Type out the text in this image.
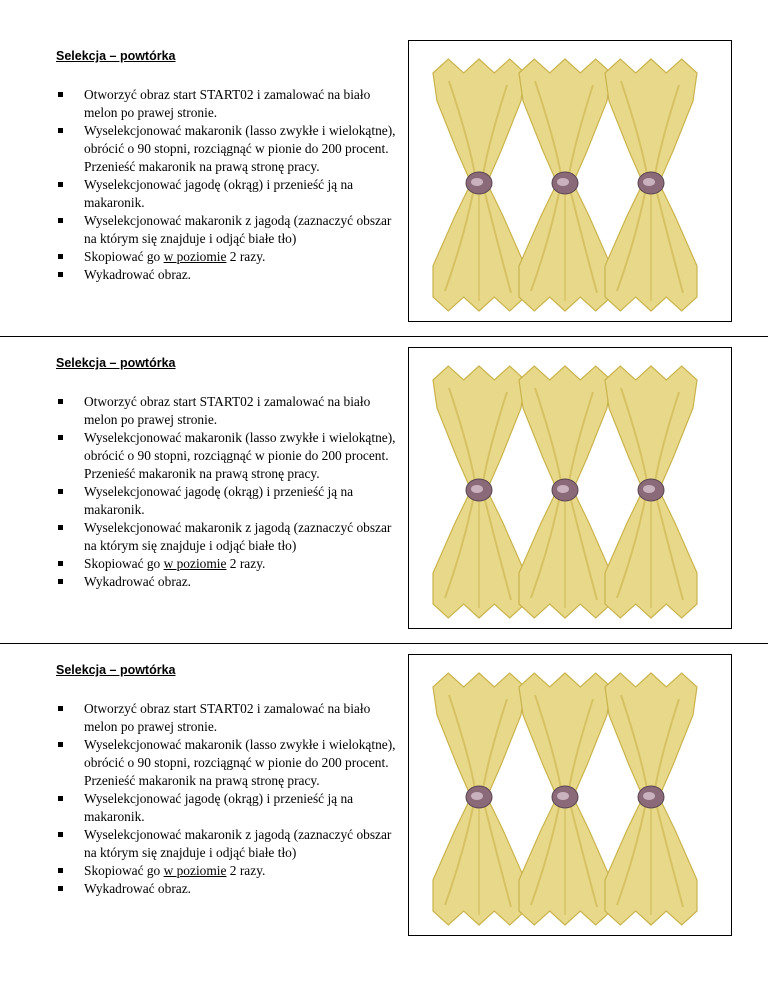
Selekcja – powtórka
Otworzyć obraz start START02 i zamalować na biało melon po prawej stronie.
Wyselekcjonować makaronik (lasso zwykłe i wielokątne), obrócić o 90 stopni, rozciągnąć w pionie do 200 procent. Przenieść makaronik na prawą stronę pracy.
Wyselekcjonować jagodę (okrąg) i przenieść ją na makaronik.
Wyselekcjonować makaronik z jagodą (zaznaczyć obszar na którym się znajduje i odjąć białe tło)
Skopiować go w poziomie 2 razy.
Wykadrować obraz.
Selekcja – powtórka
Otworzyć obraz start START02 i zamalować na biało melon po prawej stronie.
Wyselekcjonować makaronik (lasso zwykłe i wielokątne), obrócić o 90 stopni, rozciągnąć w pionie do 200 procent. Przenieść makaronik na prawą stronę pracy.
Wyselekcjonować jagodę (okrąg) i przenieść ją na makaronik.
Wyselekcjonować makaronik z jagodą (zaznaczyć obszar na którym się znajduje i odjąć białe tło)
Skopiować go w poziomie 2 razy.
Wykadrować obraz.
Selekcja – powtórka
Otworzyć obraz start START02 i zamalować na biało melon po prawej stronie.
Wyselekcjonować makaronik (lasso zwykłe i wielokątne), obrócić o 90 stopni, rozciągnąć w pionie do 200 procent. Przenieść makaronik na prawą stronę pracy.
Wyselekcjonować jagodę (okrąg) i przenieść ją na makaronik.
Wyselekcjonować makaronik z jagodą (zaznaczyć obszar na którym się znajduje i odjąć białe tło)
Skopiować go w poziomie 2 razy.
Wykadrować obraz.
